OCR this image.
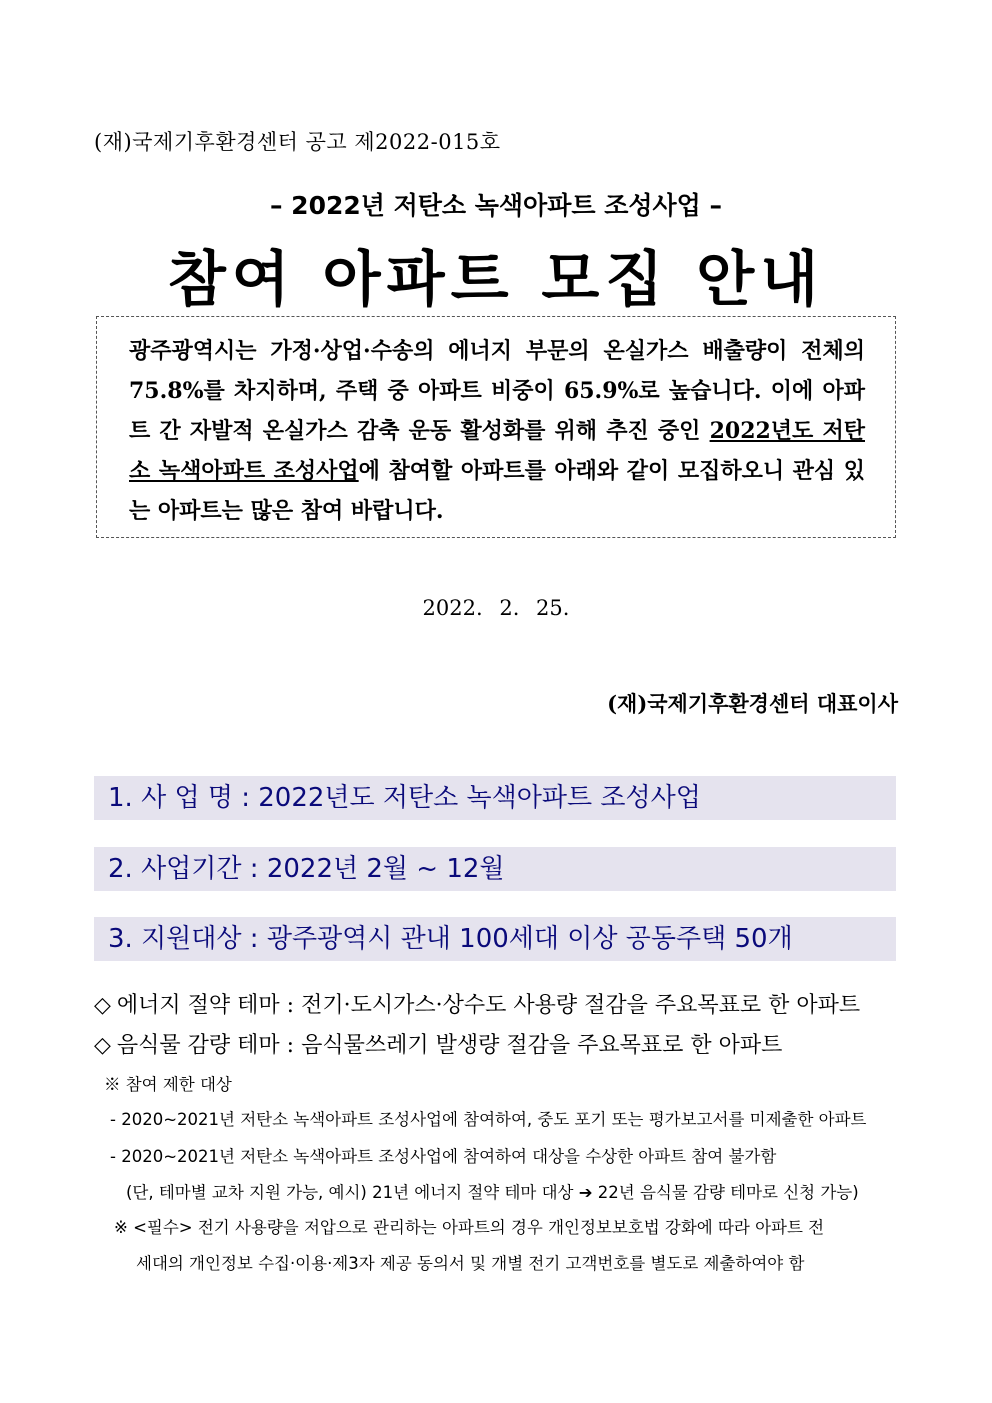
(재)국제기후환경센터 공고 제2022-015호
– 2022년 저탄소 녹색아파트 조성사업 –
참여 아파트 모집 안내
광주광역시는 가정·상업·수송의 에너지 부문의 온실가스 배출량이 전체의 75.8%를 차지하며, 주택 중 아파트 비중이 65.9%로 높습니다. 이에 아파트 간 자발적 온실가스 감축 운동 활성화를 위해 추진 중인 2022년도 저탄소 녹색아파트 조성사업에 참여할 아파트를 아래와 같이 모집하오니 관심 있는 아파트는 많은 참여 바랍니다.
2022. 2. 25.
(재)국제기후환경센터 대표이사
1. 사 업 명 : 2022년도 저탄소 녹색아파트 조성사업
2. 사업기간 : 2022년 2월 ~ 12월
3. 지원대상 : 광주광역시 관내 100세대 이상 공동주택 50개
◇ 에너지 절약 테마 : 전기·도시가스·상수도 사용량 절감을 주요목표로 한 아파트
◇ 음식물 감량 테마 : 음식물쓰레기 발생량 절감을 주요목표로 한 아파트
※ 참여 제한 대상
- 2020~2021년 저탄소 녹색아파트 조성사업에 참여하여, 중도 포기 또는 평가보고서를 미제출한 아파트
- 2020~2021년 저탄소 녹색아파트 조성사업에 참여하여 대상을 수상한 아파트 참여 불가함
(단, 테마별 교차 지원 가능, 예시) 21년 에너지 절약 테마 대상 ➔ 22년 음식물 감량 테마로 신청 가능)
※ <필수> 전기 사용량을 저압으로 관리하는 아파트의 경우 개인정보보호법 강화에 따라 아파트 전
세대의 개인정보 수집·이용·제3자 제공 동의서 및 개별 전기 고객번호를 별도로 제출하여야 함
